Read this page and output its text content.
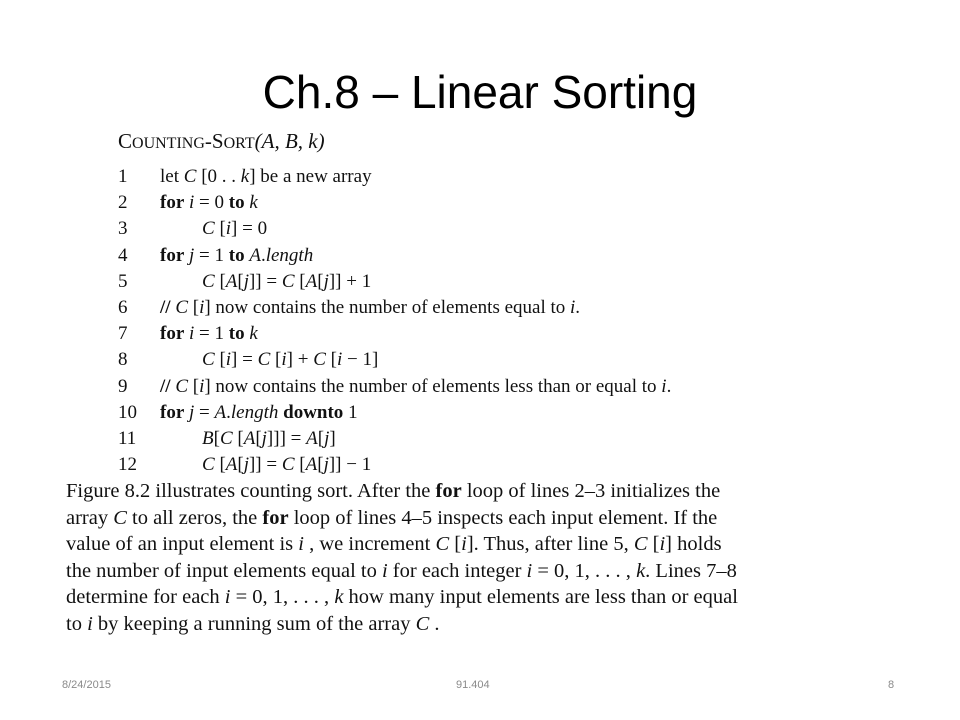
Ch.8 – Linear Sorting
COUNTING-SORT(A, B, k)
1	let C [0 . . k] be a new array
2	for i = 0 to k
3	C [i] = 0
4	for j = 1 to A.length
5	C [A[j]] = C [A[j]] + 1
6	// C [i] now contains the number of elements equal to i.
7	for i = 1 to k
8	C [i] = C [i] + C [i − 1]
9	// C [i] now contains the number of elements less than or equal to i.
10	for j = A.length downto 1
11	B[C [A[j]]] = A[j]
12	C [A[j]] = C [A[j]] − 1
Figure 8.2 illustrates counting sort. After the for loop of lines 2–3 initializes the
array C to all zeros, the for loop of lines 4–5 inspects each input element. If the
value of an input element is i , we increment C [i]. Thus, after line 5, C [i] holds
the number of input elements equal to i for each integer i = 0, 1, . . . , k. Lines 7–8
determine for each i = 0, 1, . . . , k how many input elements are less than or equal
to i by keeping a running sum of the array C .
8/24/2015	91.404	8
